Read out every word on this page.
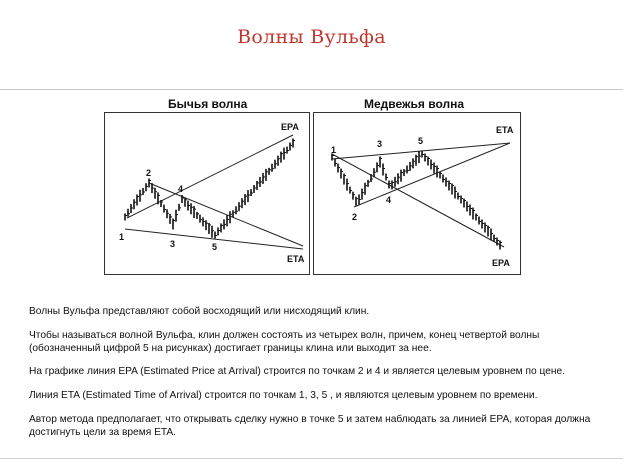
Волны Вульфа
Бычья волна	Медвежья волна
1
2
3
4
5
EPA
ETA
1
2
3
4
5
EPA
ETA
Волны Вульфа представляют собой восходящий или нисходящий клин.
Чтобы называться волной Вульфа, клин должен состоять из четырех волн, причем, конец четвертой волны (обозначенный цифрой 5 на рисунках) достигает границы клина или выходит за нее.
На графике линия EPA (Estimated Price at Arrival) строится по точкам 2 и 4 и является целевым уровнем по цене.
Линия ETA (Estimated Time of Arrival) строится по точкам 1, 3, 5 , и являются целевым уровнем по времени.
Автор метода предполагает, что открывать сделку нужно в точке 5 и затем наблюдать за линией EPA, которая должна достигнуть цели за время ETA.
